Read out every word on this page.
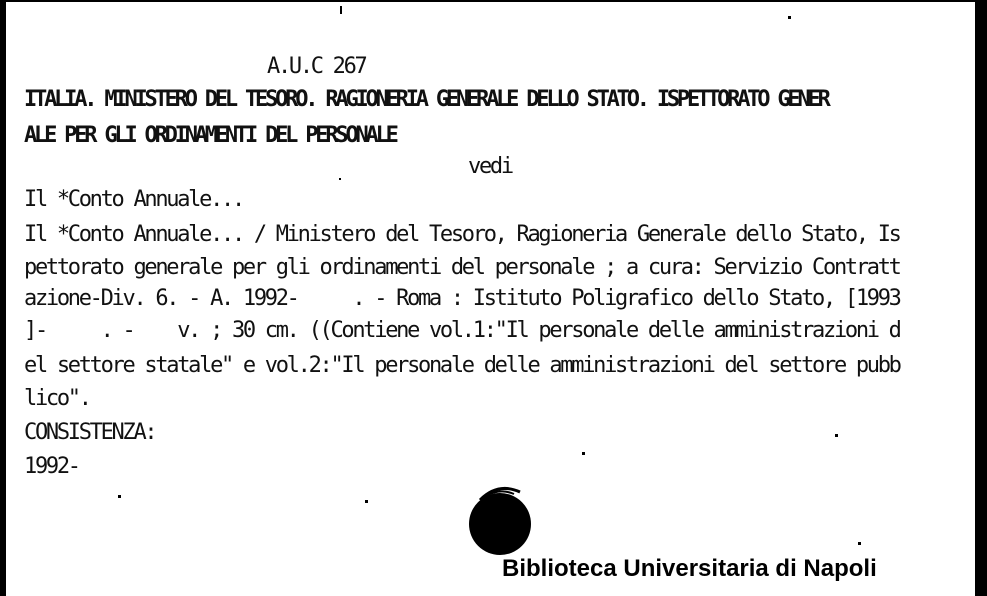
A.U.C 267
ITALIA. MINISTERO DEL TESORO. RAGIONERIA GENERALE DELLO STATO. ISPETTORATO GENER
ALE PER GLI ORDINAMENTI DEL PERSONALE
vedi
Il *Conto Annuale...
Il *Conto Annuale... / Ministero del Tesoro, Ragioneria Generale dello Stato, Is
pettorato generale per gli ordinamenti del personale ; a cura: Servizio Contratt
azione-Div. 6. - A. 1992-     . - Roma : Istituto Poligrafico dello Stato, [1993
]-     . -    v. ; 30 cm. ((Contiene vol.1:"Il personale delle amministrazioni d
el settore statale" e vol.2:"Il personale delle amministrazioni del settore pubb
lico".
CONSISTENZA:
1992-
Biblioteca Universitaria di Napoli
